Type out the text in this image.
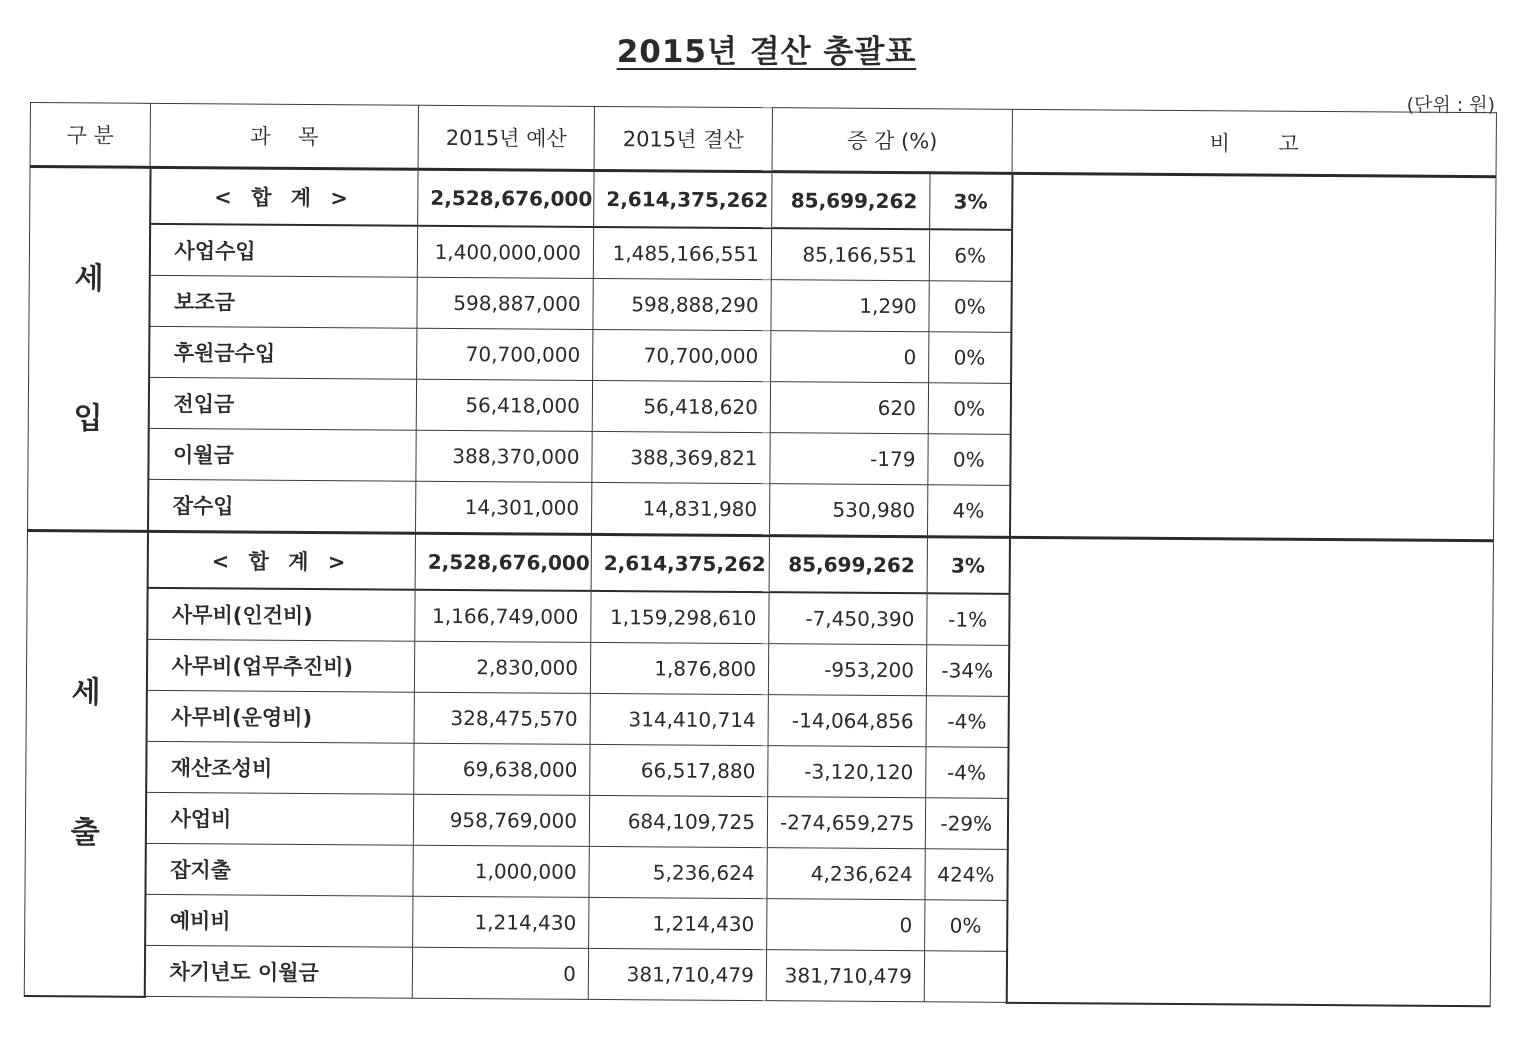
2015년 결산 총괄표
(단위 : 원)
구 분	과　 목	2015년 예산	2015년 결산	증 감 (%)		비　　 고

세
입	< 합 계 >	2,528,676,000	2,614,375,262	85,699,262	3%	
	사업수입	1,400,000,000	1,485,166,551	85,166,551	6%	
	보조금	598,887,000	598,888,290	1,290	0%	
	후원금수입	70,700,000	70,700,000	0	0%	
	전입금	56,418,000	56,418,620	620	0%	
	이월금	388,370,000	388,369,821	-179	0%	
	잡수입	14,301,000	14,831,980	530,980	4%	

세
출	< 합 계 >	2,528,676,000	2,614,375,262	85,699,262	3%	
	사무비(인건비)	1,166,749,000	1,159,298,610	-7,450,390	-1%	
	사무비(업무추진비)	2,830,000	1,876,800	-953,200	-34%	
	사무비(운영비)	328,475,570	314,410,714	-14,064,856	-4%	
	재산조성비	69,638,000	66,517,880	-3,120,120	-4%	
	사업비	958,769,000	684,109,725	-274,659,275	-29%	
	잡지출	1,000,000	5,236,624	4,236,624	424%	
	예비비	1,214,430	1,214,430	0	0%	
	차기년도 이월금	0	381,710,479	381,710,479		
